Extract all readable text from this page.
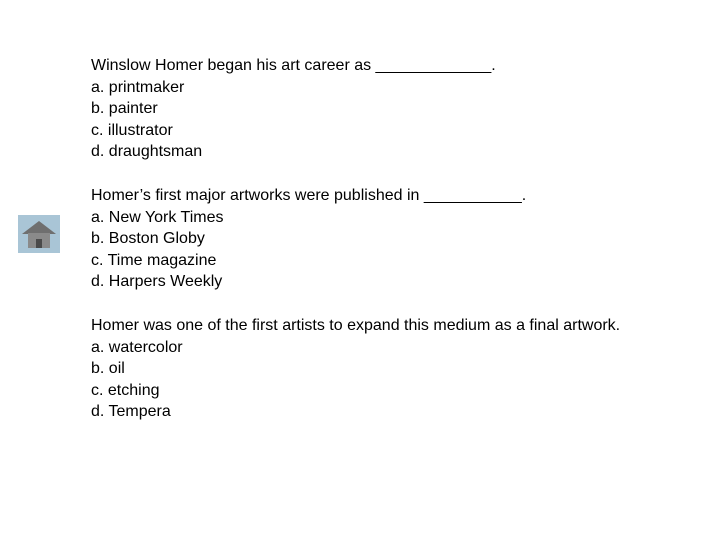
Winslow Homer began his art career as _____________.

a. printmaker

b. painter

c. illustrator

d. draughtsman

Homer’s first major artworks were published in ___________.

a. New York Times

b. Boston Globy

c. Time magazine

d. Harpers Weekly

Homer was one of the first artists to expand this medium as a final artwork.

a. watercolor

b. oil

c. etching

d. Tempera
